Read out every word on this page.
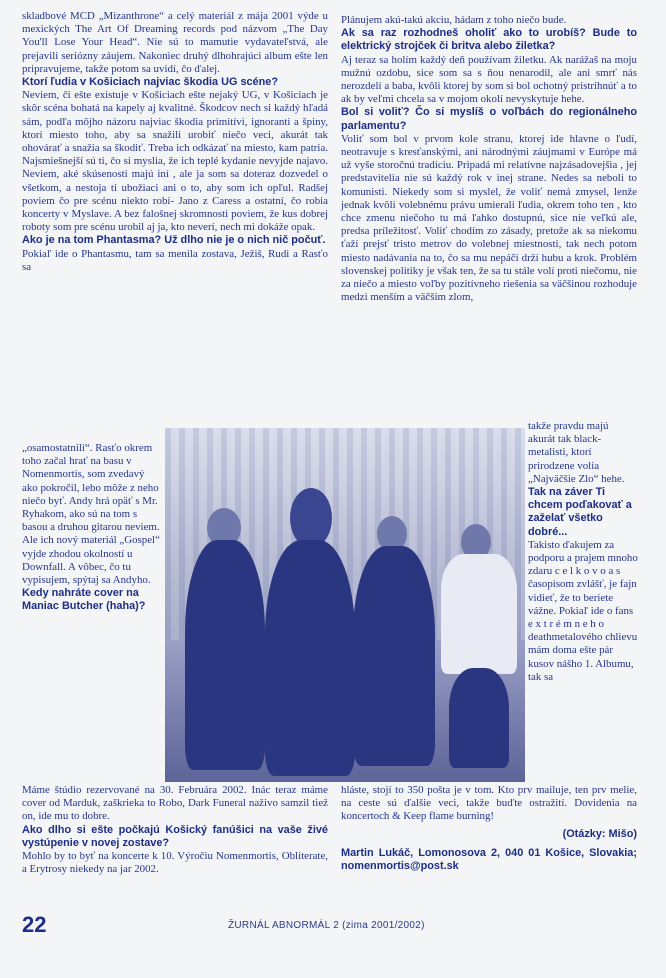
skladbové MCD „Mizanthrone“ a celý materiál z mája 2001 výde u mexických The Art Of Dreaming records pod názvom „The Day You'll Lose Your Head“. Nie sú to mamutie vydavateľstvá, ale prejavili seriózny záujem. Nakoniec druhý dlhohrajúci album ešte len pripravujeme, takže potom sa uvidí, čo ďalej.

Ktorí ľudia v Košiciach najviac škodia UG scéne?

Neviem, či ešte existuje v Košiciach ešte nejaký UG, v Košiciach je skôr scéna bohatá na kapely aj kvalitné. Škodcov nech si každý hľadá sám, podľa môjho názoru najviac škodia primitívi, ignoranti a špiny, ktorí miesto toho, aby sa snažili urobiť niečo veci, akurát tak ohovárať a snažia sa škodiť. Treba ich odkázať na miesto, kam patria. Najsmiešnejší sú ti, čo si myslia, že ich teplé kydanie nevyjde najavo. Neviem, aké skúsenosti majú iní , ale ja som sa doteraz dozvedel o všetkom, a nestoja ti ubožiaci ani o to, aby som ich opľul. Radšej poviem čo pre scénu niekto robí- Jano z Caress a ostatní, čo robia koncerty v Myslave. A bez falošnej skromnosti poviem, že kus dobrej roboty som pre scénu urobil aj ja, kto neverí, nech mi dokáže opak.

Ako je na tom Phantasma? Už dlho nie je o nich nič počuť.

Pokiaľ ide o Phantasmu, tam sa menila zostava, Ježiš, Rudi a Rasťo sa

„osamostatnili“. Rasťo okrem toho začal hrať na basu v Nomenmortis, som zvedavý ako pokročil, lebo môže z neho niečo byť. Andy hrá opäť s Mr. Ryhakom, ako sú na tom s basou a druhou gitarou neviem. Ale ich nový materiál „Gospel“ vyjde zhodou okolností u Downfall. A vôbec, čo tu vypisujem, spýtaj sa Andyho.

Kedy nahráte cover na Maniac Butcher (haha)?

Plánujem akú-takú akciu, hádam z toho niečo bude.

Ak sa raz rozhodneš oholiť ako to urobíš? Bude to elektrický strojček či britva alebo žiletka?

Aj teraz sa holím každý deň používam žiletku. Ak narážaš na moju mužnú ozdobu, sice som sa s ňou nenarodil, ale ani smrť nás nerozdelí a baba, kvôli ktorej by som si bol ochotný pristrihnúť a to ak by veľmi chcela sa v mojom okolí nevyskytuje hehe.

Bol si voliť? Čo si myslíš o voľbách do regionálneho parlamentu?

Voliť som bol v prvom kole stranu, ktorej ide hlavne o ľudí, neotravuje s kresťanskými, ani národnými záujmami v Európe má už vyše storočnú tradíciu. Pripadá mi relatívne najzásadovejšia , jej predstavitelia nie sú každý rok v inej strane. Nedes sa neboli to komunisti. Niekedy som si myslel, že voliť nemá zmysel, lenže jednak kvôli volebnému právu umierali ľudia, okrem toho ten , kto chce zmenu niečoho tu má ľahko dostupnú, sice nie veľkú ale, predsa príležitosť. Voliť chodím zo zásady, pretože ak sa niekomu ťaží prejsť tristo metrov do volebnej miestnosti, tak nech potom miesto nadávania na to, čo sa mu nepáči drží hubu a krok. Problém slovenskej politiky je však ten, že sa tu stále volí proti niečomu, nie za niečo a miesto voľby pozitívneho riešenia sa väčšinou rozhoduje medzi menším a väčším zlom,

takže pravdu majú akurát tak black-metalisti, ktorí prirodzene volia „Najväčšie Zlo“ hehe.

Tak na záver Ti chcem poďakovať a zaželať všetko dobré...

Takisto ďakujem za podporu a prajem mnoho zdaru c e l k o v o a s časopisom zvlášť, je fajn vidieť, že to beriete vážne. Pokiaľ ide o fans e x t r é m n e h o deathmetalového chlievu mám doma ešte pár kusov nášho 1. Albumu, tak sa

Máme štúdio rezervované na 30. Februára 2002. Inác teraz máme cover od Marduk, zaškrieka to Robo, Dark Funeral naživo samzil tiež on, ide mu to dobre.

Ako dlho si ešte počkajú Košický fanúšici na vaše živé vystúpenie v novej zostave?

Mohlo by to byť na koncerte k 10. Výročiu Nomenmortis, Obliterate, a Erytrosy niekedy na jar 2002.

hláste, stojí to 350 pošta je v tom. Kto prv mailuje, ten prv melie, na ceste sú ďalšie veci, takže buďte ostražití. Dovidenia na koncertoch & Keep flame burning!

(Otázky: Mišo)

Martin Lukáč, Lomonosova 2, 040 01 Košice, Slovakia; nomenmortis@post.sk

22	ŽURNÁL ABNORMÁL 2 (zima 2001/2002)
